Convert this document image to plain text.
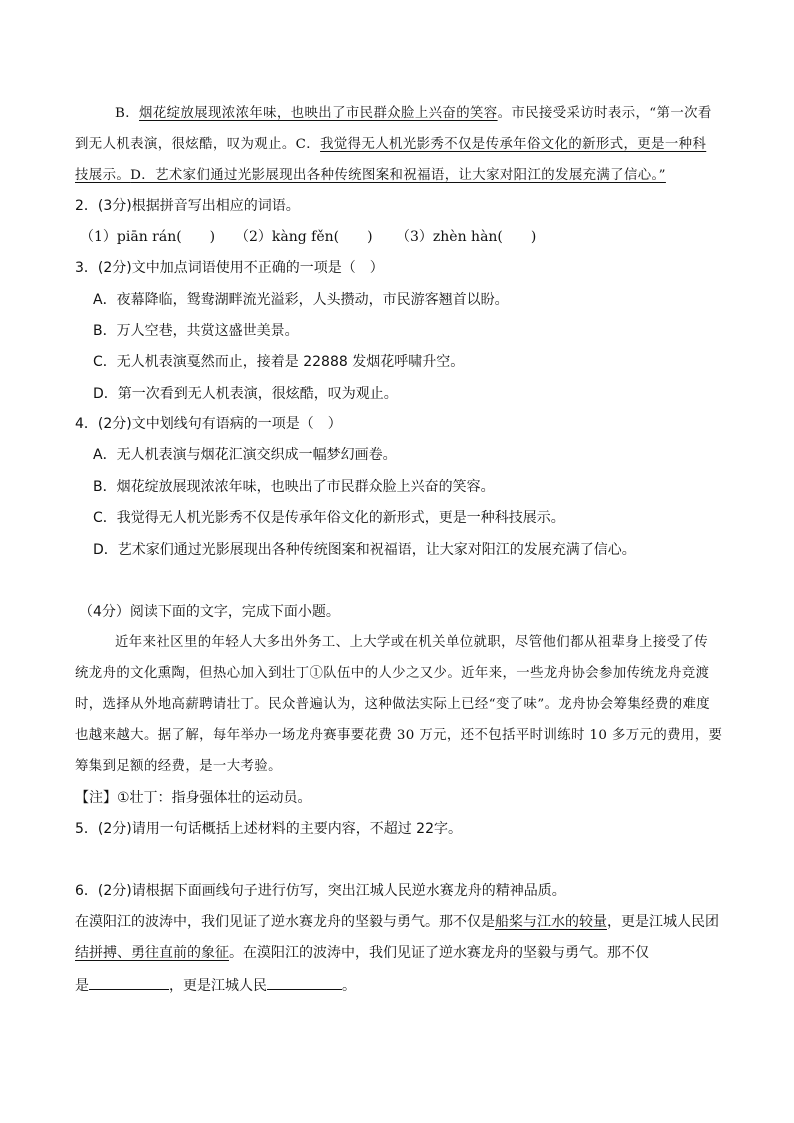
B．烟花绽放展现浓浓年味，也映出了市民群众脸上兴奋的笑容。市民接受采访时表示，“第一次看
到无人机表演，很炫酷，叹为观止。C．我觉得无人机光影秀不仅是传承年俗文化的新形式，更是一种科
技展示。D．艺术家们通过光影展现出各种传统图案和祝福语，让大家对阳江的发展充满了信心。”
2．(3分)根据拼音写出相应的词语。
（1）piān rán(　　) （2）kàng fěn(　　) （3）zhèn hàn(　　)
3．(2分)文中加点词语使用不正确的一项是（　）
A．夜幕降临，鸳鸯湖畔流光溢彩，人头攒动，市民游客翘首以盼。
B．万人空巷，共赏这盛世美景。
C．无人机表演戛然而止，接着是 22888 发烟花呼啸升空。
D．第一次看到无人机表演，很炫酷，叹为观止。
4．(2分)文中划线句有语病的一项是（　）
A．无人机表演与烟花汇演交织成一幅梦幻画卷。
B．烟花绽放展现浓浓年味，也映出了市民群众脸上兴奋的笑容。
C．我觉得无人机光影秀不仅是传承年俗文化的新形式，更是一种科技展示。
D．艺术家们通过光影展现出各种传统图案和祝福语，让大家对阳江的发展充满了信心。
（4分）阅读下面的文字，完成下面小题。
近年来社区里的年轻人大多出外务工、上大学或在机关单位就职，尽管他们都从祖辈身上接受了传
统龙舟的文化熏陶，但热心加入到壮丁①队伍中的人少之又少。近年来，一些龙舟协会参加传统龙舟竞渡
时，选择从外地高薪聘请壮丁。民众普遍认为，这种做法实际上已经“变了味”。龙舟协会筹集经费的难度
也越来越大。据了解，每年举办一场龙舟赛事要花费 30 万元，还不包括平时训练时 10 多万元的费用，要
筹集到足额的经费，是一大考验。
【注】①壮丁：指身强体壮的运动员。
5．(2分)请用一句话概括上述材料的主要内容，不超过 22字。
6．(2分)请根据下面画线句子进行仿写，突出江城人民逆水赛龙舟的精神品质。
在漠阳江的波涛中，我们见证了逆水赛龙舟的坚毅与勇气。那不仅是船桨与江水的较量，更是江城人民团
结拼搏、勇往直前的象征。在漠阳江的波涛中，我们见证了逆水赛龙舟的坚毅与勇气。那不仅
是	，更是江城人民	。
